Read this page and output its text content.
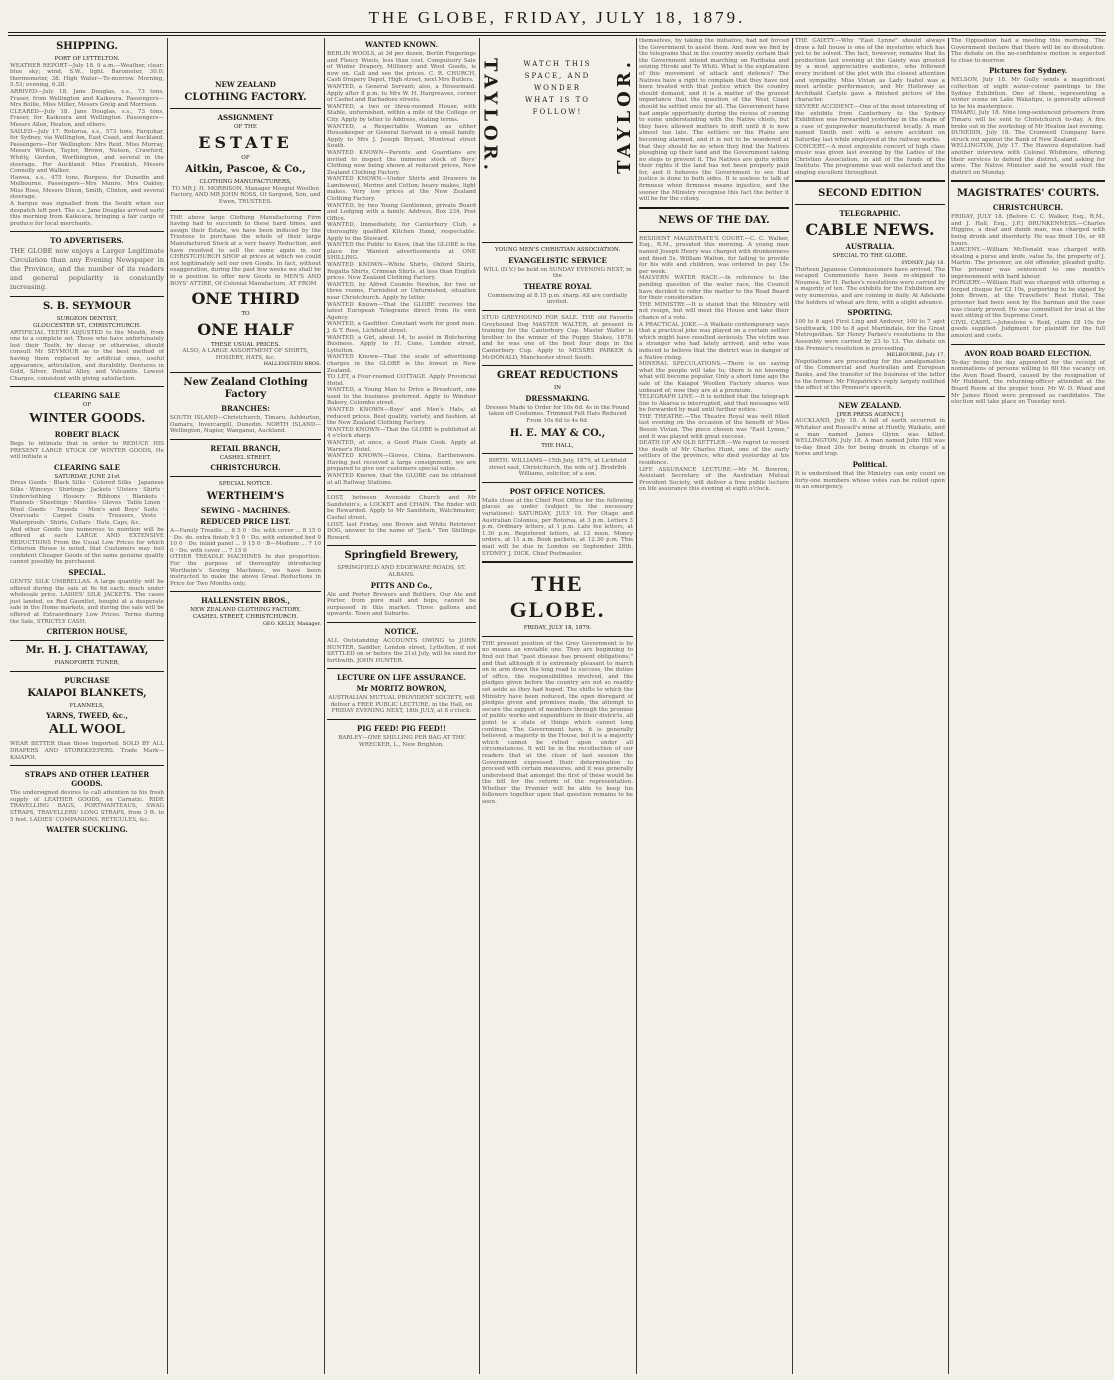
THE GLOBE, FRIDAY, JULY 18, 1879.
SHIPPING.
PORT OF LYTTELTON.
WEATHER REPORT—July 18. 9 a.m.—Weather, clear; blue sky; wind, S.W., light. Barometer, 30.0; thermometer, 38. High Water—To-morrow. Morning, 5.53; evening, 6.28.
ARRIVED—July 18. Jane Douglas, s.s., 73 tons, Fraser, from Wellington and Kaikoura. Passengers—Mrs Bollie, Miss Miller, Messrs Greig and Morrison.
CLEARED—July 18. Jane Douglas, s.s., 73 tons, Fraser, for Kaikoura and Wellington. Passengers—Messrs Allen, Heaton, and others.
SAILED—July 17. Rotorua, s.s., 573 tons, Farquhar, for Sydney, via Wellington, East Coast, and Auckland. Passengers—For Wellington: Mrs Reid, Miss Murray, Messrs Wilson, Taylor, Brown, Nelson, Crawford, Whitty, Gordon, Worthington, and several in the steerage. For Auckland: Miss Frankish, Messrs Connolly and Walker.
Hawea, s.s., 475 tons, Burgess, for Dunedin and Melbourne. Passengers—Mrs Munro, Mrs Oakley, Miss Ross, Messrs Dixon, Smith, Clinton, and several steerage.
A barque was signalled from the South when our despatch left port. The s.s. Jane Douglas arrived early this morning from Kaikoura, bringing a fair cargo of produce for local merchants.
TO ADVERTISERS.
THE GLOBE now enjoys a Larger Legitimate Circulation than any Evening Newspaper in the Province, and the number of its readers and general popularity is constantly increasing.
S. B. SEYMOUR
SURGEON DENTIST,
GLOUCESTER ST., CHRISTCHURCH.
ARTIFICIAL TEETH ADJUSTED to the Mouth, from one to a complete set. Those who have unfortunately lost their Teeth, by decay or otherwise, should consult Mr SEYMOUR as to the best method of having them replaced by artificial ones, useful appearance, articulation, and durability. Dentures in Gold, Silver, Dental Alloy, and Vulcanite. Lowest Charges, consistent with giving satisfaction.
CLEARING SALE
OF
WINTER GOODS.
ROBERT BLACK
Begs to intimate that in order to REDUCE HIS PRESENT LARGE STOCK OF WINTER GOODS, He will initiate a
CLEARING SALE
SATURDAY, JUNE 21st
Dress Goods · Black Silks · Colored Silks · Japanese Silks · Winceys · Shirtings · Jackets · Ulsters · Shirts · Underclothing · Hosiery · Ribbons · Blankets · Flannels · Sheetings · Mantles · Gloves · Table Linen · Wool Goods · Tweeds · Men's and Boys' Suits · Overcoats · Carpet Coats · Trousers, Vests · Waterproofs · Shirts, Collars · Hats, Caps, &c.
And other Goods too numerous to mention will be offered at such LARGE AND EXTENSIVE REDUCTIONS From the Usual Low Prices for which Criterion House is noted, that Customers may feel confident Cheaper Goods of the same genuine quality cannot possibly be purchased.
SPECIAL.
GENTS' SILK UMBRELLAS. A large quantity will be offered during the sale at 6s 6d each; much under wholesale price. LADIES' SILK JACKETS. The cases just landed, ex Red Gauntlet, bought at a desperate sale in the Home markets, and during the sale will be offered at Extraordinary Low Prices. Terms during the Sale, STRICTLY CASH.
CRITERION HOUSE,
Mr. H. J. CHATTAWAY,
PIANOFORTE TUNER,
PURCHASE
KAIAPOI BLANKETS,
FLANNELS,
YARNS, TWEED, &c.,
ALL WOOL
WEAR BETTER than those Imported. SOLD BY ALL DRAPERS AND STOREKEEPERS. Trade Mark—KAIAPOI.
STRAPS AND OTHER LEATHER GOODS.
The undersigned desires to call attention to his fresh supply of LEATHER GOODS, ex Carnatic. RIDE TRAVELLING BAGS, PORTMANTEAUS, SWAG STRAPS, TRAVELLERS' LONG STRAPS, from 3 ft. to 5 feet. LADIES' COMPANIONS, RETICULES, &c.
WALTER SUCKLING.
NEW ZEALAND
CLOTHING FACTORY.
ASSIGNMENT
OF THE
ESTATE
OF
Aitkin, Pascoe, & Co.,
CLOTHING MANUFACTURERS,
TO MR J. H. MORRISON, Manager Mosgiel Woollen Factory, AND MR JOHN ROSS, Of Sargood, Son, and Ewen, TRUSTEES.
THE above large Clothing Manufacturing Firm having had to succumb to these hard times, and assign their Estate, we have been induced by the Trustees to purchase the whole of their large Manufactured Stock at a very heavy Reduction, and have resolved to sell the same again in our CHRISTCHURCH SHOP at prices at which we could not legitimately sell our own Goods. In fact, without exaggeration, during the past few weeks we shall be in a position to offer new Goods in MEN'S AND BOYS' ATTIRE, Of Colonial Manufacture, AT FROM
ONE THIRD
TO
ONE HALF
THESE USUAL PRICES.
ALSO, A LARGE ASSORTMENT OF SHIRTS, HOSIERY, HATS, &c.
HALLENSTEIN BROS.
New Zealand Clothing Factory
BRANCHES:
SOUTH ISLAND—Christchurch, Timaru, Ashburton, Oamaru, Invercargill, Dunedin. NORTH ISLAND—Wellington, Napier, Wanganui, Auckland.
RETAIL BRANCH,
CASHEL STREET,
CHRISTCHURCH.
SPECIAL NOTICE.
WERTHEIM'S
SEWING - MACHINES.
REDUCED PRICE LIST.
A—Family Treadle ... 8 5 0 · Do. with cover ... 8 15 0 · Do. do. extra finish 9 5 0 · Do. with extended bed 9 10 0 · Do. inlaid panel ... 9 15 0 · B—Medium ... 7 10 0 · Do. with cover ... 7 15 0
OTHER TREADLE MACHINES In due proportion. For the purpose of thoroughly introducing Wertheim's Sewing Machines, we have been instructed to make the above Great Reductions in Price for Two Months only.
HALLENSTEIN BROS.,
NEW ZEALAND CLOTHING FACTORY,
CASHEL STREET, CHRISTCHURCH.
GEO. KELLY, Manager.
WANTED KNOWN.
BERLIN WOOLS, at 3d per dozen, Berlin Fingerings and Fleecy Wools, less than cost. Compulsory Sale of Winter Drapery, Millinery and Wool Goods, is now on. Call and see the prices. C. R. CHURCH, Cash Drapery Depot, High street, next Mrs Butlers.
WANTED, a General Servant; also, a Housemaid. Apply after 8 p.m. to Mrs W. H. Hargreaves, corner of Cashel and Barbadoes streets.
WANTED, a two or three-roomed House, with Stable, unfurnished, within a mile of the College or City. Apply by letter to Address, stating terms.
WANTED, a Respectable Woman as either Housekeeper or General Servant in a small family. Apply to Mrs J. Joseph Bryant, Montreal street South.
WANTED KNOWN—Parents and Guardians are invited to inspect the immense stock of Boys' Clothing now being shown at reduced prices, New Zealand Clothing Factory.
WANTED KNOWN—Under Shirts and Drawers in Lambswool, Merino and Cotton; heavy makes, light makes. Very low prices at the New Zealand Clothing Factory.
WANTED, by two Young Gentlemen, private Board and Lodging with a family. Address, Box 234, Post Office.
WANTED, Immediately, for Canterbury Club, a thoroughly qualified Kitchen Hand, respectable. Apply to the Steward.
WANTED the Public to Know, that the GLOBE is the place for Wanted advertisements at ONE SHILLING.
WANTED KNOWN—White Shirts, Oxford Shirts, Regatta Shirts, Crimean Shirts, at less than English prices. New Zealand Clothing Factory.
WANTED, by Alfred Coombs Newton, for two or three rooms, Furnished or Unfurnished, situation near Christchurch. Apply by letter.
WANTED Known—That the GLOBE receives the latest European Telegrams direct from its own Agency.
WANTED, a Gasfitter. Constant work for good man. J. & T. Ross, Lichfield street.
WANTED, a Girl, about 14, to assist in Butchering Business. Apply to H. Cone, London street, Lyttelton.
WANTED Known—That the scale of advertising charges in the GLOBE is the lowest in New Zealand.
TO LET, a Four-roomed COTTAGE. Apply Provincial Hotel.
WANTED, a Young Man to Drive a Breadcart, one used to the business preferred. Apply to Windsor Bakery, Colombo street.
WANTED KNOWN—Boys' and Men's Hats, at reduced prices. Best quality, variety, and fashion, at the New Zealand Clothing Factory.
WANTED KNOWN—That the GLOBE is published at 4 o'clock sharp.
WANTED, at once, a Good Plain Cook. Apply at Warner's Hotel.
WANTED KNOWN—Gloves, China, Earthenware. Having just received a large consignment, we are prepared to give our customers special value.
WANTED Known, that the GLOBE can be obtained at all Railway Stations.
LOST, between Avonside Church and Mr Sandstein's, a LOCKET and CHAIN. The finder will be Rewarded. Apply to Mr Sandstein, Watchmaker, Cashel street.
LOST, last Friday, one Brown and White Retriever DOG, answer to the name of "Jack." Ten Shillings Reward.
Springfield Brewery,
SPRINGFIELD AND EDGEWARE ROADS, ST. ALBANS.
PITTS AND Co.,
Ale and Porter Brewers and Bottlers. Our Ale and Porter, from pure malt and hops, cannot be surpassed in this market. Three gallons and upwards. Town and Suburbs.
NOTICE.
ALL Outstanding ACCOUNTS OWING to JOHN HUNTER, Saddler, London street, Lyttelton, if not SETTLED on or before the 21st July, will be sued for forthwith. JOHN HUNTER.
LECTURE ON LIFE ASSURANCE.
Mr MORITZ BOWRON,
AUSTRALIAN MUTUAL PROVIDENT SOCIETY, will deliver a FREE PUBLIC LECTURE, in the Hall, on FRIDAY EVENING NEXT, 18th JULY, at 8 o'clock.
PIG FEED! PIG FEED!!
BARLEY—ONE SHILLING PER BAG AT THE WRECKER, L., New Brighton.
TAYLOR.	TAYLOR.
WATCH THIS SPACE, AND WONDER WHAT IS TO FOLLOW!
YOUNG MEN'S CHRISTIAN ASSOCIATION.
EVANGELISTIC SERVICE
WILL (D.V.) be held on SUNDAY EVENING NEXT, in the
THEATRE ROYAL
Commencing at 8.15 p.m. sharp. All are cordially invited.
STUD GREYHOUND FOR SALE. THE old Favorite Greyhound Dog MASTER WALTER, at present in training for the Canterbury Cup. Master Walter is brother to the winner of the Puppy Stakes, 1878, and he was one of the best four dogs in the Canterbury Cup. Apply to MESSRS PARKER & McDONALD, Manchester street South.
GREAT REDUCTIONS
IN
DRESSMAKING.
Dresses Made to Order for 10s 6d. 4s in the Pound taken off Costumes. Trimmed Felt Hats Reduced From 10s 6d to 4s 6d.
H. E. MAY & CO.,
THE HALL,
BIRTH. WILLIAMS—15th July, 1879, at Lichfield street east, Christchurch, the wife of J. Brodribb Williams, solicitor, of a son.
POST OFFICE NOTICES.
Mails close at the Chief Post Office for the following places as under (subject to the necessary variations): SATURDAY, JULY 19. For Otago and Australian Colonies, per Rotorua, at 3 p.m. Letters 3 p.m. Ordinary letters, at 1 p.m. Late fee letters, at 1.30 p.m. Registered letters, at 12 noon. Money orders, at 11 a.m. Book packets, at 12.30 p.m. This mail will be due in London on September 28th. SYDNEY J. DICK, Chief Postmaster.
THE GLOBE.
FRIDAY, JULY 18, 1879.
THE present position of the Grey Government is by no means an enviable one. They are beginning to find out that "past disease has present obligations," and that although it is extremely pleasant to march on in arm down the long road to success, the duties of office, the responsibilities involved, and the pledges given before the country are not so readily set aside as they had hoped. The shifts to which the Ministry have been reduced, the open disregard of pledges given and promises made, the attempt to secure the support of members through the promise of public works and expenditure in their districts, all point to a state of things which cannot long continue. The Government have, it is generally believed, a majority in the House, but it is a majority which cannot be relied upon under all circumstances. It will be in the recollection of our readers that at the close of last session the Government expressed their determination to proceed with certain measures, and it was generally understood that amongst the first of these would be the bill for the reform of the representation. Whether the Premier will be able to keep his followers together upon that question remains to be seen.
themselves, by taking the initiative, had not forced the Government to assist them. And now we find by the telegrams that in the country mostly certain that the Government intend marching on Parihaka and seizing Hiroki and Te Whiti. What is the explanation of this movement of attack and defence? The Natives have a right to complain that they have not been treated with that justice which the country should demand, and it is a matter of the gravest importance that the question of the West Coast should be settled once for all. The Government have had ample opportunity during the recess of coming to some understanding with the Native chiefs, but they have allowed matters to drift until it is now almost too late. The settlers on the Plains are becoming alarmed, and it is not to be wondered at that they should be so when they find the Natives ploughing up their land and the Government taking no steps to prevent it. The Natives are quite within their rights if the land has not been properly paid for, and it behoves the Government to see that justice is done to both sides. It is useless to talk of firmness when firmness means injustice, and the sooner the Ministry recognise this fact the better it will be for the colony.
NEWS OF THE DAY.
RESIDENT MAGISTRATE'S COURT.—C. C. Walker, Esq., R.M., presided this morning. A young man named Joseph Henry was charged with drunkenness and fined 5s. William Walton, for failing to provide for his wife and children, was ordered to pay 15s per week.
MALVERN WATER RACE.—In reference to the pending question of the water race, the Council have decided to refer the matter to the Road Board for their consideration.
THE MINISTRY.—It is stated that the Ministry will not resign, but will meet the House and take their chance of a vote.
A PRACTICAL JOKE.—A Waikato contemporary says that a practical joke was played on a certain settler which might have resulted seriously. The victim was a stranger who had lately arrived, and who was induced to believe that the district was in danger of a Native rising.
MINERAL SPECULATIONS.—There is no saying what the people will take to; there is no knowing what will become popular. Only a short time ago the sale of the Kaiapoi Woollen Factory shares was unheard of; now they are at a premium.
TELEGRAPH LINE.—It is notified that the telegraph line to Akaroa is interrupted, and that messages will be forwarded by mail until further notice.
THE THEATRE.—The Theatre Royal was well filled last evening on the occasion of the benefit of Miss Bessie Vivian. The piece chosen was "East Lynne," and it was played with great success.
DEATH OF AN OLD SETTLER.—We regret to record the death of Mr Charles Hunt, one of the early settlers of the province, who died yesterday at his residence.
LIFE ASSURANCE LECTURE.—Mr M. Bowron, Assistant Secretary of the Australian Mutual Provident Society, will deliver a free public lecture on life assurance this evening at eight o'clock.
THE GAIETY.—Why "East Lynne" should always draw a full house is one of the mysteries which has yet to be solved. The fact, however, remains that its production last evening at the Gaiety was greeted by a most appreciative audience, who followed every incident of the plot with the closest attention and sympathy. Miss Vivian as Lady Isabel was a most artistic performance, and Mr Holloway as Archibald Carlyle gave a finished picture of the character.
SEVERE ACCIDENT.—One of the most interesting of the exhibits from Canterbury to the Sydney Exhibition was forwarded yesterday in the shape of a case of gunpowder manufactured locally. A man named Smith met with a severe accident on Saturday last while employed at the railway works.
CONCERT.—A most enjoyable concert of high class music was given last evening by the Ladies of the Christian Association, in aid of the funds of the Institute. The programme was well selected and the singing excellent throughout.
SECOND EDITION
TELEGRAPHIC.
CABLE NEWS.
AUSTRALIA.
SPECIAL TO THE GLOBE.
SYDNEY, July 18.
Thirteen Japanese Commissioners have arrived. The escaped Communists have been re-shipped to Noumea. Sir H. Parkes's resolutions were carried by a majority of ten. The exhibits for the Exhibition are very numerous, and are coming in daily. At Adelaide the holders of wheat are firm, with a slight advance.
SPORTING.
100 to 6 agst First Ling and Andover, 100 to 7 agst Southwark, 100 to 8 agst Martindale, for the Great Metropolitan. Sir Henry Parkes's resolutions in the Assembly were carried by 23 to 13. The debate on the Premier's resolution is proceeding.
MELBOURNE, July 17.
Negotiations are proceeding for the amalgamation of the Commercial and Australian and European Banks, and the transfer of the business of the latter to the former. Mr Fitzpatrick's reply largely nullified the effect of the Premier's speech.
NEW ZEALAND.
[PER PRESS AGENCY.]
AUCKLAND, July 18. A fall of earth occurred in Whitaker and Russell's mine at Huntly, Waikato, and a man named James Glynn was killed. WELLINGTON, July 18. A man named John Hill was to-day fined 20s for being drunk in charge of a horse and trap.
Political.
It is understood that the Ministry can only count on forty-one members whose votes can be relied upon in an emergency.
The Opposition had a meeting this morning. The Government declare that there will be no dissolution. The debate on the no-confidence motion is expected to close to-morrow.
Pictures for Sydney.
NELSON, July 18. Mr Gully sends a magnificent collection of eight water-colour paintings to the Sydney Exhibition. One of them, representing a winter scene on Lake Wakatipu, is generally allowed to be his masterpiece.
TIMARU, July 18. Nine long-sentenced prisoners from Timaru will be sent to Christchurch to-day. A fire broke out in the workshop of Mr Heaton last evening.
DUNEDIN, July 18. The Cromwell Company have struck out against the Bank of New Zealand.
WELLINGTON, July 17. The Hawera deputation had another interview with Colonel Whitmore, offering their services to defend the district, and asking for arms. The Native Minister said he would visit the district on Monday.
MAGISTRATES' COURTS.
CHRISTCHURCH.
FRIDAY, JULY 18. [Before C. C. Walker, Esq., R.M., and J. Hall, Esq., J.P.] DRUNKENNESS.—Charles Higgins, a deaf and dumb man, was charged with being drunk and disorderly. He was fined 10s, or 48 hours.
LARCENY.—William McDonald was charged with stealing a purse and knife, value 5s, the property of J. Martin. The prisoner, an old offender, pleaded guilty. The prisoner was sentenced to one month's imprisonment with hard labour.
FORGERY.—William Hall was charged with uttering a forged cheque for £2 10s, purporting to be signed by John Brown, at the Travellers' Rest Hotel. The prisoner had been seen by the barman and the case was clearly proved. He was committed for trial at the next sitting of the Supreme Court.
CIVIL CASES.—Johnstone v. Reid, claim £8 10s for goods supplied. Judgment for plaintiff for the full amount and costs.
AVON ROAD BOARD ELECTION.
To-day being the day appointed for the receipt of nominations of persons willing to fill the vacancy on the Avon Road Board, caused by the resignation of Mr Hubbard, the returning-officer attended at the Board Room at the proper hour. Mr W. D. Wood and Mr James Hood were proposed as candidates. The election will take place on Tuesday next.
